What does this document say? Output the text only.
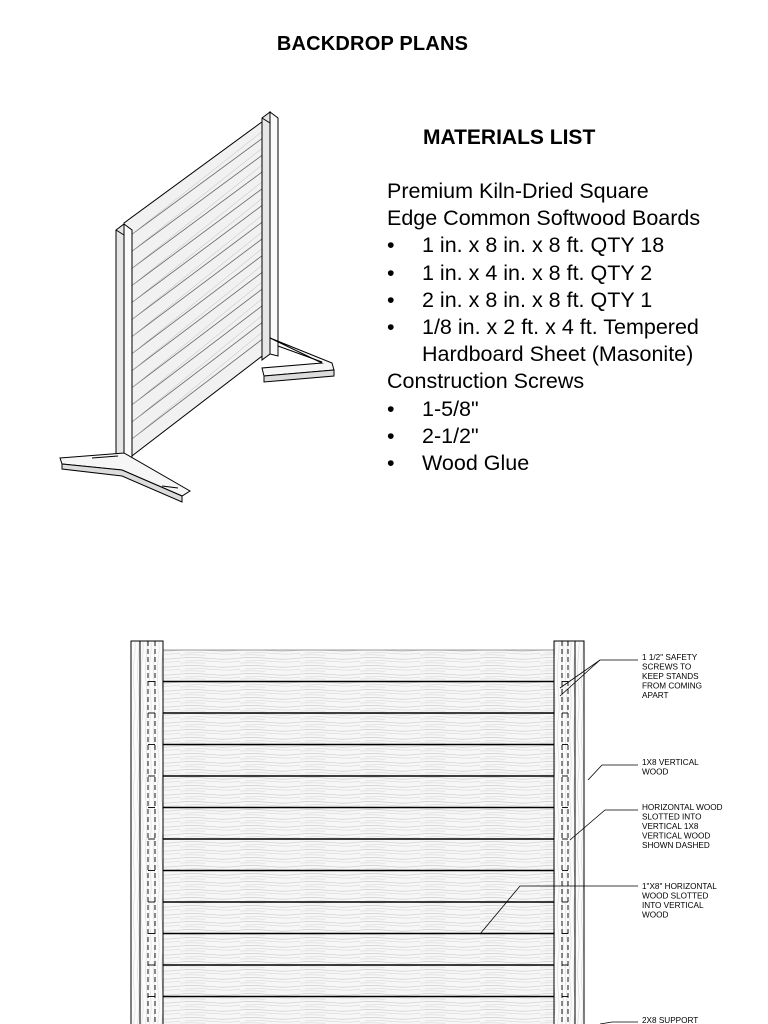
BACKDROP PLANS
MATERIALS LIST
Premium Kiln-Dried Square
Edge Common Softwood Boards
• 1 in. x 8 in. x 8 ft. QTY 18
• 1 in. x 4 in. x 8 ft. QTY 2
• 2 in. x 8 in. x 8 ft. QTY 1
• 1/8 in. x 2 ft. x 4 ft. Tempered
Hardboard Sheet (Masonite)
Construction Screws
• 1-5/8"
• 2-1/2"
• Wood Glue
1 1/2" SAFETY SCREWS TO KEEP STANDS FROM COMING APART
1X8 VERTICAL WOOD
HORIZONTAL WOOD SLOTTED INTO VERTICAL 1X8 VERTICAL WOOD SHOWN DASHED
1"X8" HORIZONTAL WOOD SLOTTED INTO VERTICAL WOOD
2X8 SUPPORT
